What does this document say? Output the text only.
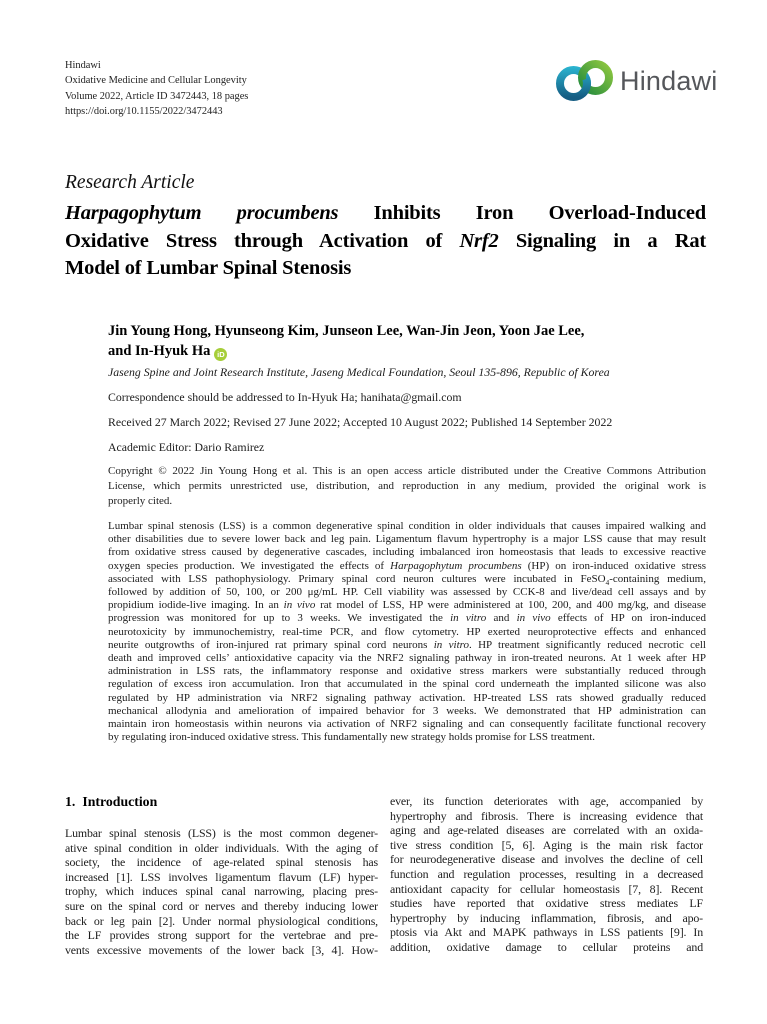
Hindawi
Oxidative Medicine and Cellular Longevity
Volume 2022, Article ID 3472443, 18 pages
https://doi.org/10.1155/2022/3472443
Hindawi
Research Article
Harpagophytum procumbens Inhibits Iron Overload-Induced
Oxidative Stress through Activation of Nrf2 Signaling in a Rat
Model of Lumbar Spinal Stenosis
Jin Young Hong, Hyunseong Kim, Junseon Lee, Wan-Jin Jeon, Yoon Jae Lee,
and In-Hyuk Ha iD
Jaseng Spine and Joint Research Institute, Jaseng Medical Foundation, Seoul 135-896, Republic of Korea
Correspondence should be addressed to In-Hyuk Ha; hanihata@gmail.com
Received 27 March 2022; Revised 27 June 2022; Accepted 10 August 2022; Published 14 September 2022
Academic Editor: Dario Ramirez
Copyright © 2022 Jin Young Hong et al. This is an open access article distributed under the Creative Commons Attribution
License, which permits unrestricted use, distribution, and reproduction in any medium, provided the original work is
properly cited.
Lumbar spinal stenosis (LSS) is a common degenerative spinal condition in older individuals that causes impaired walking and
other disabilities due to severe lower back and leg pain. Ligamentum flavum hypertrophy is a major LSS cause that may result
from oxidative stress caused by degenerative cascades, including imbalanced iron homeostasis that leads to excessive reactive
oxygen species production. We investigated the effects of Harpagophytum procumbens (HP) on iron-induced oxidative stress
associated with LSS pathophysiology. Primary spinal cord neuron cultures were incubated in FeSO$_4$-containing medium,
followed by addition of 50, 100, or 200 μg/mL HP. Cell viability was assessed by CCK-8 and live/dead cell assays and by
propidium iodide-live imaging. In an in vivo rat model of LSS, HP were administered at 100, 200, and 400 mg/kg, and disease
progression was monitored for up to 3 weeks. We investigated the in vitro and in vivo effects of HP on iron-induced
neurotoxicity by immunochemistry, real-time PCR, and flow cytometry. HP exerted neuroprotective effects and enhanced
neurite outgrowths of iron-injured rat primary spinal cord neurons in vitro. HP treatment significantly reduced necrotic cell
death and improved cells’ antioxidative capacity via the NRF2 signaling pathway in iron-treated neurons. At 1 week after HP
administration in LSS rats, the inflammatory response and oxidative stress markers were substantially reduced through
regulation of excess iron accumulation. Iron that accumulated in the spinal cord underneath the implanted silicone was also
regulated by HP administration via NRF2 signaling pathway activation. HP-treated LSS rats showed gradually reduced
mechanical allodynia and amelioration of impaired behavior for 3 weeks. We demonstrated that HP administration can
maintain iron homeostasis within neurons via activation of NRF2 signaling and can consequently facilitate functional recovery
by regulating iron-induced oxidative stress. This fundamentally new strategy holds promise for LSS treatment.
1. Introduction
Lumbar spinal stenosis (LSS) is the most common degener-
ative spinal condition in older individuals. With the aging of
society, the incidence of age-related spinal stenosis has
increased [1]. LSS involves ligamentum flavum (LF) hyper-
trophy, which induces spinal canal narrowing, placing pres-
sure on the spinal cord or nerves and thereby inducing lower
back or leg pain [2]. Under normal physiological conditions,
the LF provides strong support for the vertebrae and pre-
vents excessive movements of the lower back [3, 4]. How-
ever, its function deteriorates with age, accompanied by
hypertrophy and fibrosis. There is increasing evidence that
aging and age-related diseases are correlated with an oxida-
tive stress condition [5, 6]. Aging is the main risk factor
for neurodegenerative disease and involves the decline of cell
function and regulation processes, resulting in a decreased
antioxidant capacity for cellular homeostasis [7, 8]. Recent
studies have reported that oxidative stress mediates LF
hypertrophy by inducing inflammation, fibrosis, and apo-
ptosis via Akt and MAPK pathways in LSS patients [9]. In
addition, oxidative damage to cellular proteins and
